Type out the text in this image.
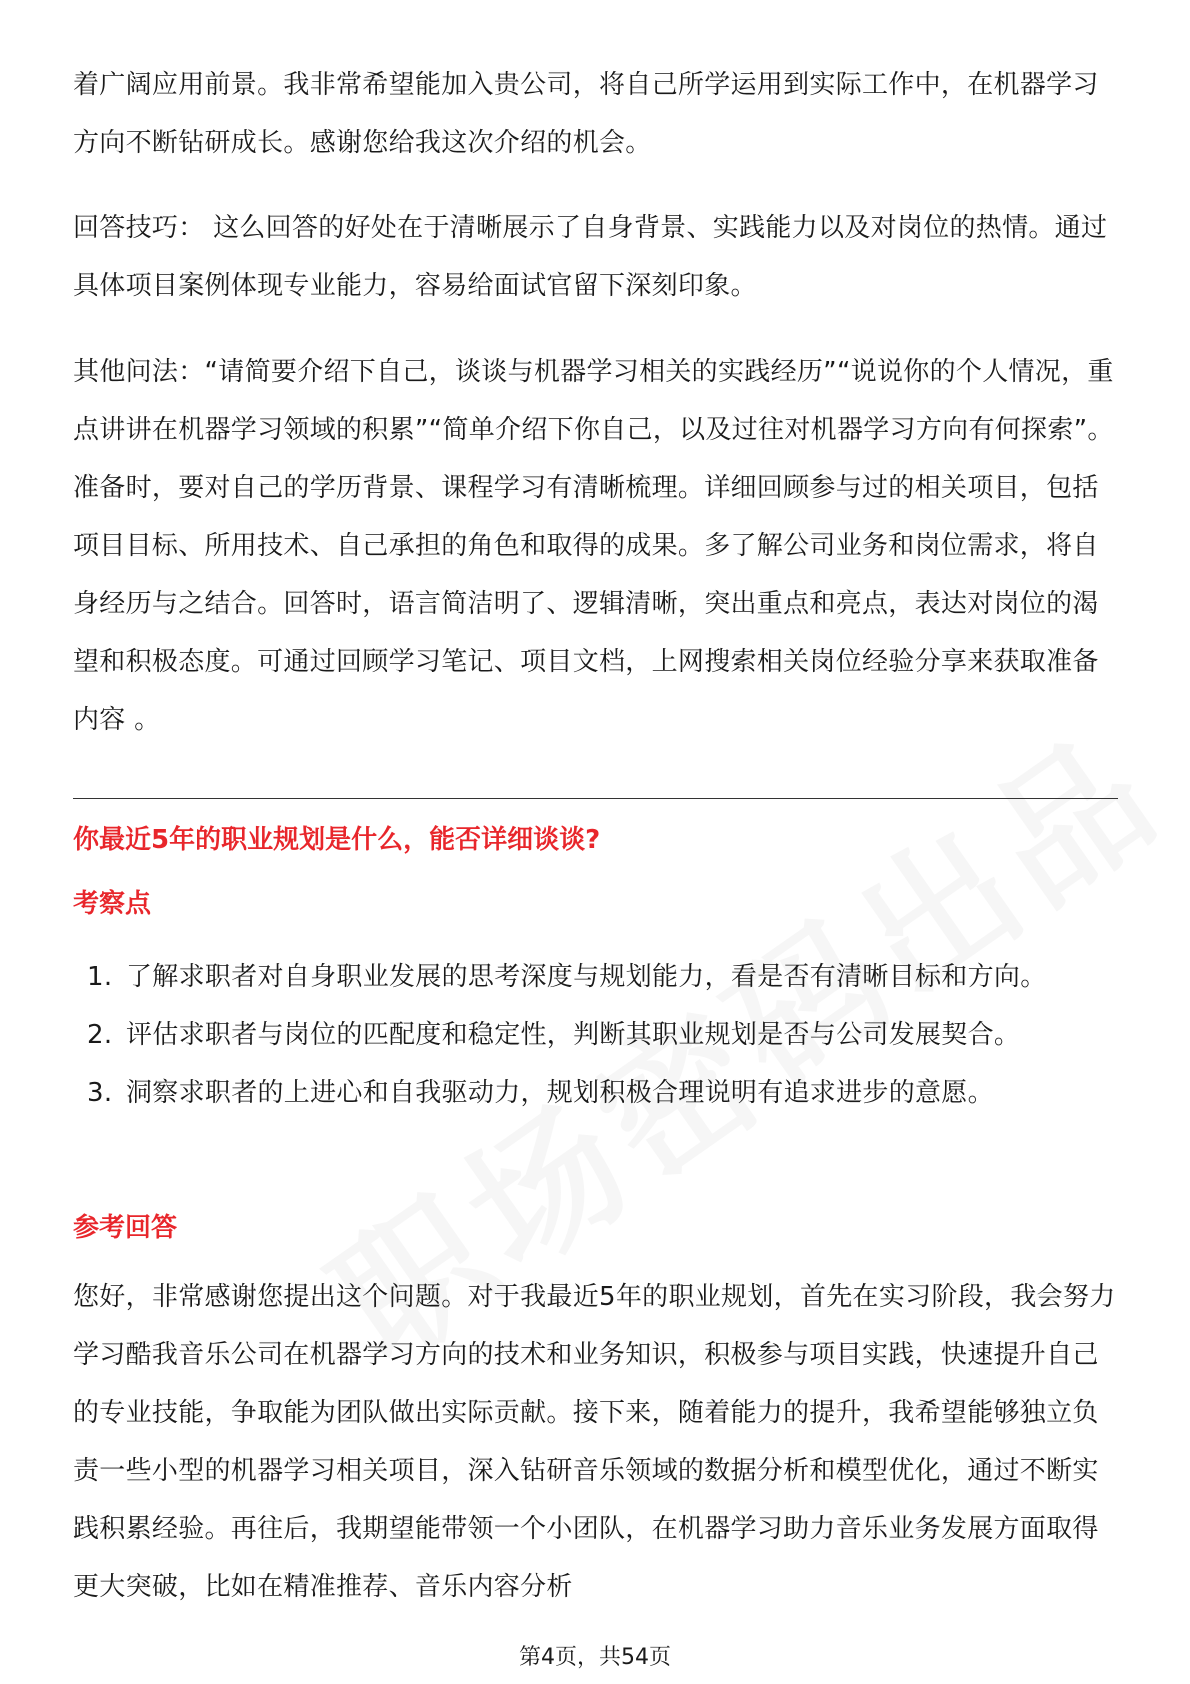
着广阔应用前景。我非常希望能加入贵公司，将自己所学运用到实际工作中，在机器学习方向不断钻研成长。感谢您给我这次介绍的机会。

回答技巧： 这么回答的好处在于清晰展示了自身背景、实践能力以及对岗位的热情。通过具体项目案例体现专业能力，容易给面试官留下深刻印象。

其他问法：“请简要介绍下自己，谈谈与机器学习相关的实践经历”“说说你的个人情况，重点讲讲在机器学习领域的积累”“简单介绍下你自己，以及过往对机器学习方向有何探索”。 准备时，要对自己的学历背景、课程学习有清晰梳理。详细回顾参与过的相关项目，包括项目目标、所用技术、自己承担的角色和取得的成果。多了解公司业务和岗位需求，将自身经历与之结合。回答时，语言简洁明了、逻辑清晰，突出重点和亮点，表达对岗位的渴望和积极态度。可通过回顾学习笔记、项目文档，上网搜索相关岗位经验分享来获取准备内容 。

你最近5年的职业规划是什么，能否详细谈谈?
考察点
1. 了解求职者对自身职业发展的思考深度与规划能力，看是否有清晰目标和方向。
2. 评估求职者与岗位的匹配度和稳定性，判断其职业规划是否与公司发展契合。
3. 洞察求职者的上进心和自我驱动力，规划积极合理说明有追求进步的意愿。
参考回答

您好，非常感谢您提出这个问题。对于我最近5年的职业规划，首先在实习阶段，我会努力学习酷我音乐公司在机器学习方向的技术和业务知识，积极参与项目实践，快速提升自己的专业技能，争取能为团队做出实际贡献。接下来，随着能力的提升，我希望能够独立负责一些小型的机器学习相关项目，深入钻研音乐领域的数据分析和模型优化，通过不断实践积累经验。再往后，我期望能带领一个小团队，在机器学习助力音乐业务发展方面取得更大突破，比如在精准推荐、音乐内容分析

第4页，共54页
